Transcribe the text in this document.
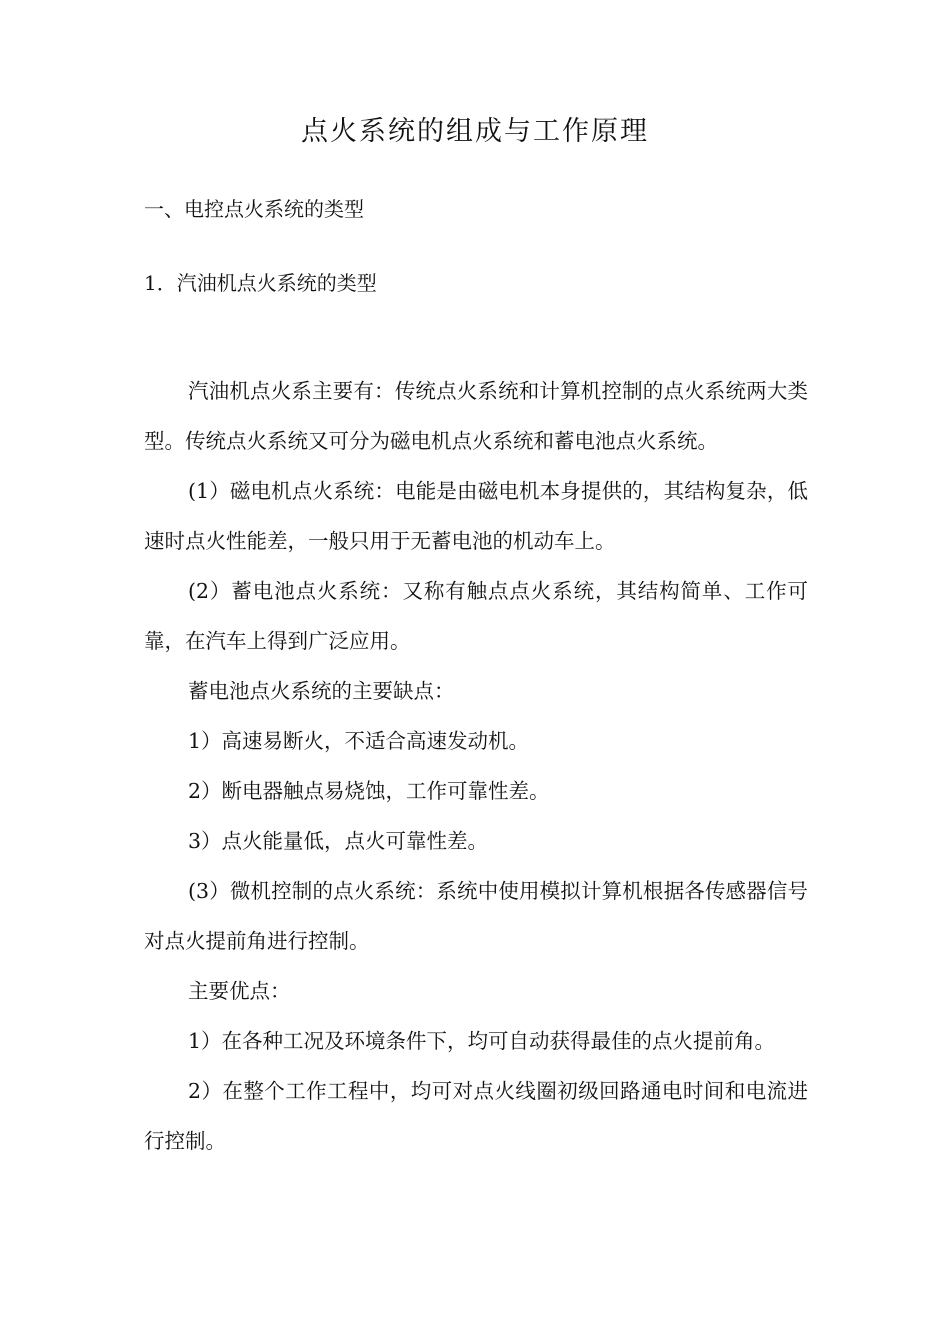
点火系统的组成与工作原理
一、电控点火系统的类型
1．汽油机点火系统的类型

汽油机点火系主要有：传统点火系统和计算机控制的点火系统两大类型。传统点火系统又可分为磁电机点火系统和蓄电池点火系统。

(1）磁电机点火系统：电能是由磁电机本身提供的，其结构复杂，低速时点火性能差，一般只用于无蓄电池的机动车上。

(2）蓄电池点火系统：又称有触点点火系统，其结构简单、工作可靠，在汽车上得到广泛应用。

蓄电池点火系统的主要缺点：

1）高速易断火，不适合高速发动机。

2）断电器触点易烧蚀，工作可靠性差。

3）点火能量低，点火可靠性差。

(3）微机控制的点火系统：系统中使用模拟计算机根据各传感器信号对点火提前角进行控制。

主要优点：

1）在各种工况及环境条件下，均可自动获得最佳的点火提前角。

2）在整个工作工程中，均可对点火线圈初级回路通电时间和电流进行控制。
